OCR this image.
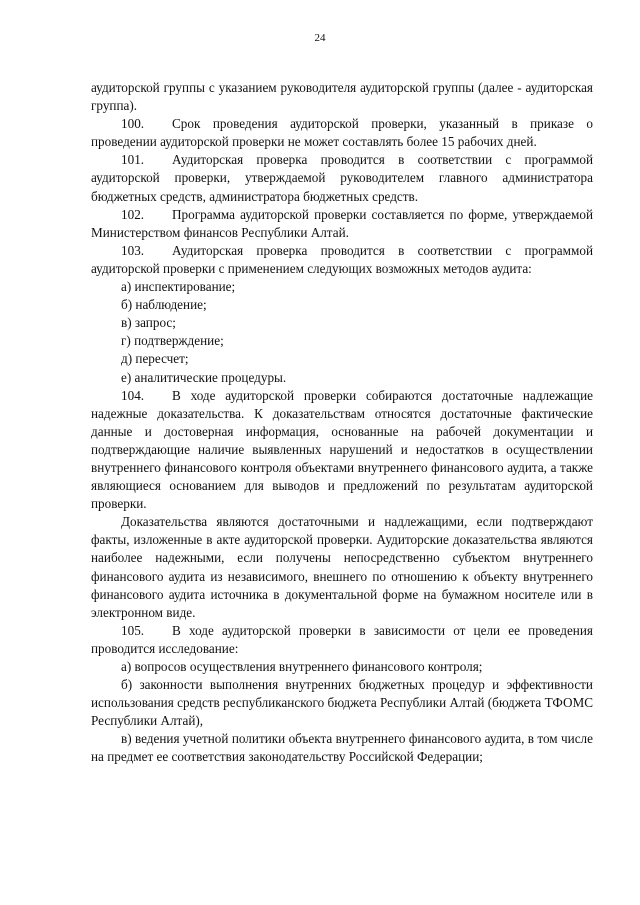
24

аудиторской группы с указанием руководителя аудиторской группы (далее - аудиторская группа).

100. Срок проведения аудиторской проверки, указанный в приказе о проведении аудиторской проверки не может составлять более 15 рабочих дней.

101. Аудиторская проверка проводится в соответствии с программой аудиторской проверки, утверждаемой руководителем главного администратора бюджетных средств, администратора бюджетных средств.

102. Программа аудиторской проверки составляется по форме, утверждаемой Министерством финансов Республики Алтай.

103. Аудиторская проверка проводится в соответствии с программой аудиторской проверки с применением следующих возможных методов аудита:

а) инспектирование;

б) наблюдение;

в) запрос;

г) подтверждение;

д) пересчет;

е) аналитические процедуры.

104. В ходе аудиторской проверки собираются достаточные надлежащие надежные доказательства. К доказательствам относятся достаточные фактические данные и достоверная информация, основанные на рабочей документации и подтверждающие наличие выявленных нарушений и недостатков в осуществлении внутреннего финансового контроля объектами внутреннего финансового аудита, а также являющиеся основанием для выводов и предложений по результатам аудиторской проверки.

Доказательства являются достаточными и надлежащими, если подтверждают факты, изложенные в акте аудиторской проверки. Аудиторские доказательства являются наиболее надежными, если получены непосредственно субъектом внутреннего финансового аудита из независимого, внешнего по отношению к объекту внутреннего финансового аудита источника в документальной форме на бумажном носителе или в электронном виде.

105. В ходе аудиторской проверки в зависимости от цели ее проведения проводится исследование:

а) вопросов осуществления внутреннего финансового контроля;

б) законности выполнения внутренних бюджетных процедур и эффективности использования средств республиканского бюджета Республики Алтай (бюджета ТФОМС Республики Алтай),

в) ведения учетной политики объекта внутреннего финансового аудита, в том числе на предмет ее соответствия законодательству Российской Федерации;
